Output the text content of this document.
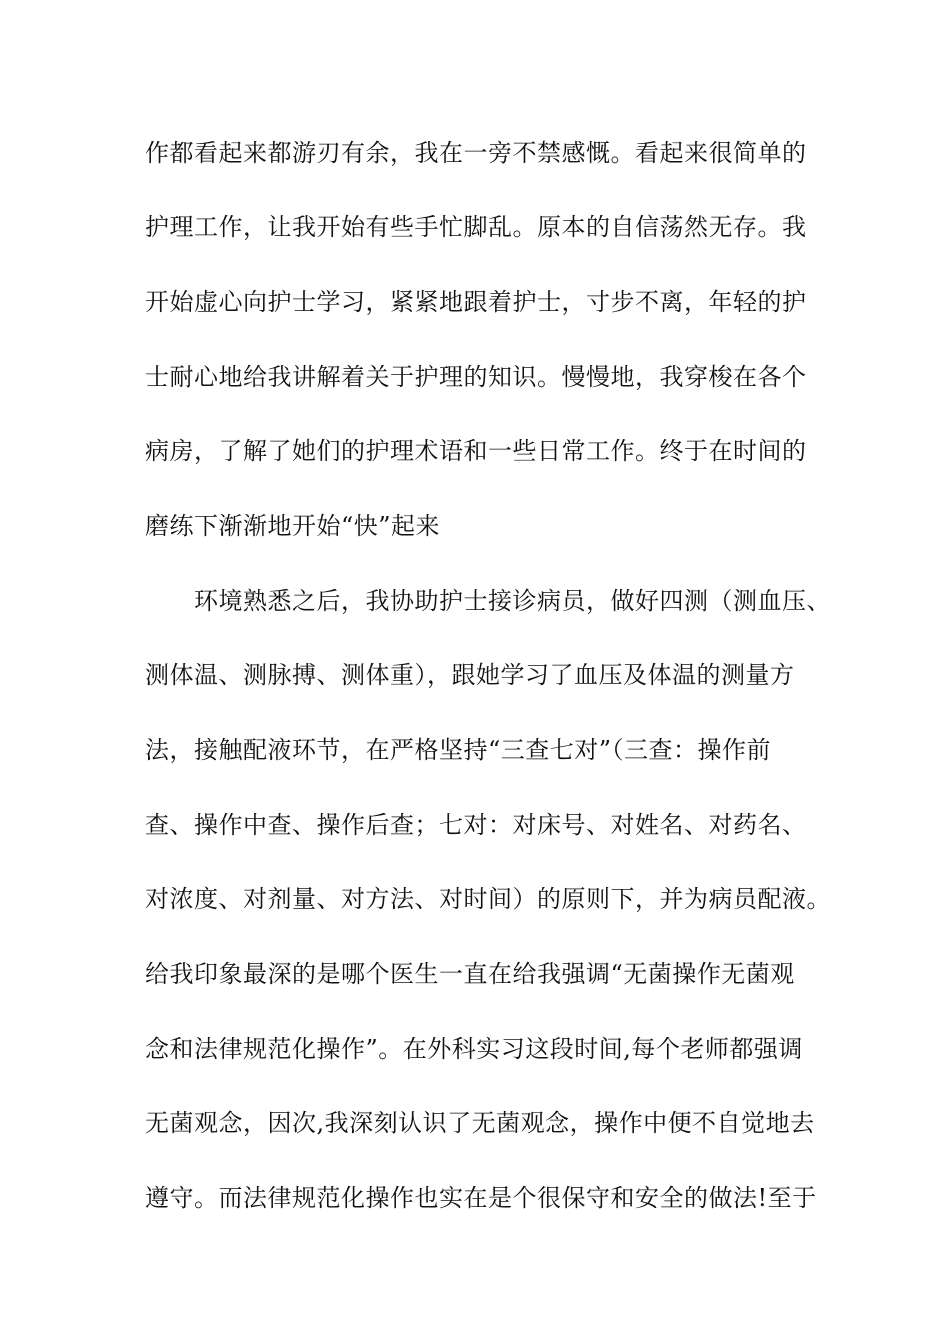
作都看起来都游刃有余，我在一旁不禁感慨。看起来很简单的
护理工作，让我开始有些手忙脚乱。原本的自信荡然无存。我
开始虚心向护士学习，紧紧地跟着护士，寸步不离，年轻的护
士耐心地给我讲解着关于护理的知识。慢慢地，我穿梭在各个
病房，了解了她们的护理术语和一些日常工作。终于在时间的
磨练下渐渐地开始“快”起来
　　环境熟悉之后，我协助护士接诊病员，做好四测（测血压、
测体温、测脉搏、测体重），跟她学习了血压及体温的测量方
法，接触配液环节，在严格坚持“三查七对”（三查：操作前
查、操作中查、操作后查；七对：对床号、对姓名、对药名、
对浓度、对剂量、对方法、对时间）的原则下，并为病员配液。
给我印象最深的是哪个医生一直在给我强调“无菌操作无菌观
念和法律规范化操作”。在外科实习这段时间,每个老师都强调
无菌观念，因次,我深刻认识了无菌观念，操作中便不自觉地去
遵守。而法律规范化操作也实在是个很保守和安全的做法!至于
